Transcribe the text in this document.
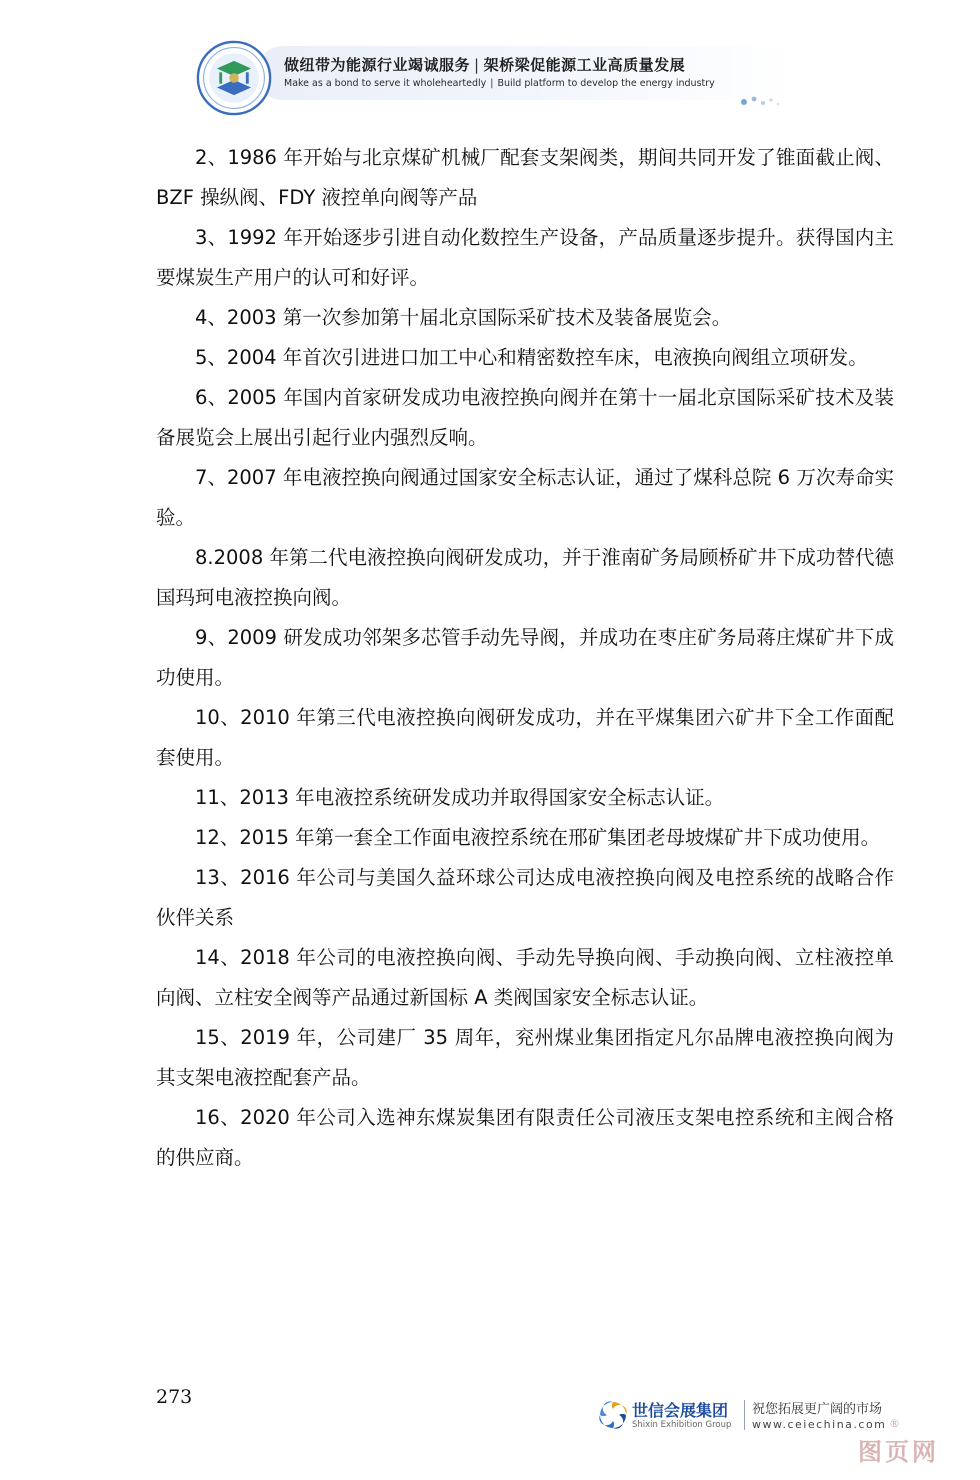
做纽带为能源行业竭诚服务 | 架桥梁促能源工业高质量发展
Make as a bond to serve it wholeheartedly | Build platform to develop the energy industry

2、1986 年开始与北京煤矿机械厂配套支架阀类，期间共同开发了锥面截止阀、BZF 操纵阀、FDY 液控单向阀等产品

3、1992 年开始逐步引进自动化数控生产设备，产品质量逐步提升。获得国内主要煤炭生产用户的认可和好评。

4、2003 第一次参加第十届北京国际采矿技术及装备展览会。

5、2004 年首次引进进口加工中心和精密数控车床，电液换向阀组立项研发。

6、2005 年国内首家研发成功电液控换向阀并在第十一届北京国际采矿技术及装备展览会上展出引起行业内强烈反响。

7、2007 年电液控换向阀通过国家安全标志认证，通过了煤科总院 6 万次寿命实验。

8.2008 年第二代电液控换向阀研发成功，并于淮南矿务局顾桥矿井下成功替代德国玛珂电液控换向阀。

9、2009 研发成功邻架多芯管手动先导阀，并成功在枣庄矿务局蒋庄煤矿井下成功使用。

10、2010 年第三代电液控换向阀研发成功，并在平煤集团六矿井下全工作面配套使用。

11、2013 年电液控系统研发成功并取得国家安全标志认证。

12、2015 年第一套全工作面电液控系统在邢矿集团老母坡煤矿井下成功使用。

13、2016 年公司与美国久益环球公司达成电液控换向阀及电控系统的战略合作伙伴关系

14、2018 年公司的电液控换向阀、手动先导换向阀、手动换向阀、立柱液控单向阀、立柱安全阀等产品通过新国标 A 类阀国家安全标志认证。

15、2019 年，公司建厂 35 周年，兖州煤业集团指定凡尔品牌电液控换向阀为其支架电液控配套产品。

16、2020 年公司入选神东煤炭集团有限责任公司液压支架电控系统和主阀合格的供应商。

273
世信会展集团
Shixin Exhibition Group
祝您拓展更广阔的市场
www.ceiechina.com ®
图页网
